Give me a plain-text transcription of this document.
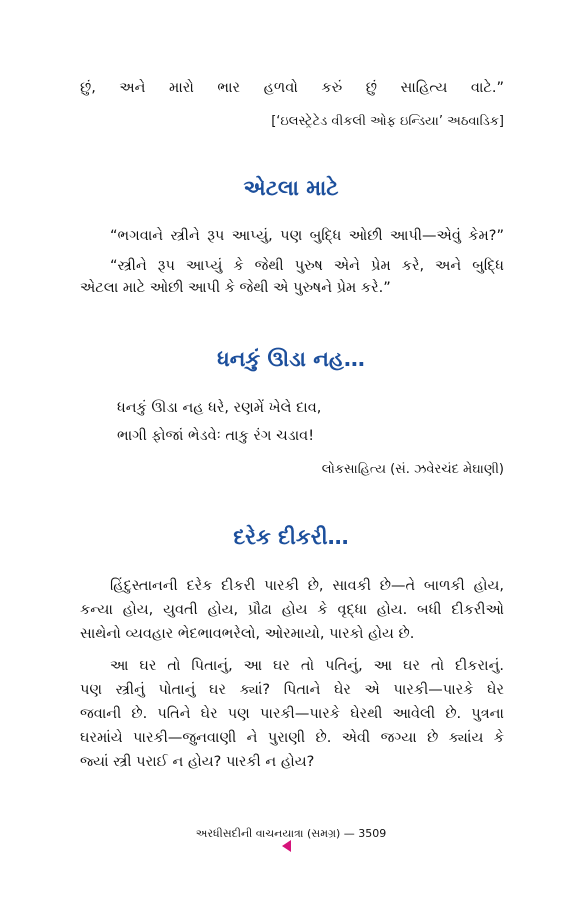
છું, અને મારો ભાર હળવો કરું છું સાહિત્ય વાટે.”
[‘ઇલસ્ટ્રેટેડ વીકલી ઓફ ઇન્ડિયા’ અઠવાડિક]
એટલા માટે
“ભગવાને સ્ત્રીને રૂપ આપ્યું, પણ બુદ્ધિ ઓછી આપી—એવું કેમ?”
“સ્ત્રીને રૂપ આપ્યું કે જેથી પુરુષ એને પ્રેમ કરે, અને બુદ્ધિ
એટલા માટે ઓછી આપી કે જેથી એ પુરુષને પ્રેમ કરે.”
ધનકું ઊડા નહ…
ધનકું ઊડા નહ ધરે, રણમેં ખેલે દાવ,
ભાગી ફોજાં ભેડવેઃ તાકુ રંગ ચડાવ!
લોકસાહિત્ય (સં. ઝવેરચંદ મેઘાણી)
દરેક દીકરી…
હિંદુસ્તાનની દરેક દીકરી પારકી છે, સાવકી છે—તે બાળકી હોય,
કન્યા હોય, યુવતી હોય, પ્રૌઢા હોય કે વૃદ્ધા હોય. બધી દીકરીઓ
સાથેનો વ્યવહાર ભેદભાવભરેલો, ઓરમાયો, પારકો હોય છે.
આ ઘર તો પિતાનું, આ ઘર તો પતિનું, આ ઘર તો દીકરાનું.
પણ સ્ત્રીનું પોતાનું ઘર ક્યાં? પિતાને ઘેર એ પારકી—પારકે ઘેર
જવાની છે. પતિને ઘેર પણ પારકી—પારકે ઘેરથી આવેલી છે. પુત્રના
ઘરમાંયે પારકી—જુનવાણી ને પુરાણી છે. એવી જગ્યા છે ક્યાંય કે
જ્યાં સ્ત્રી પરાઈ ન હોય? પારકી ન હોય?
અરધીસદીની વાચનયાત્રા (સમગ્ર) — 3509
